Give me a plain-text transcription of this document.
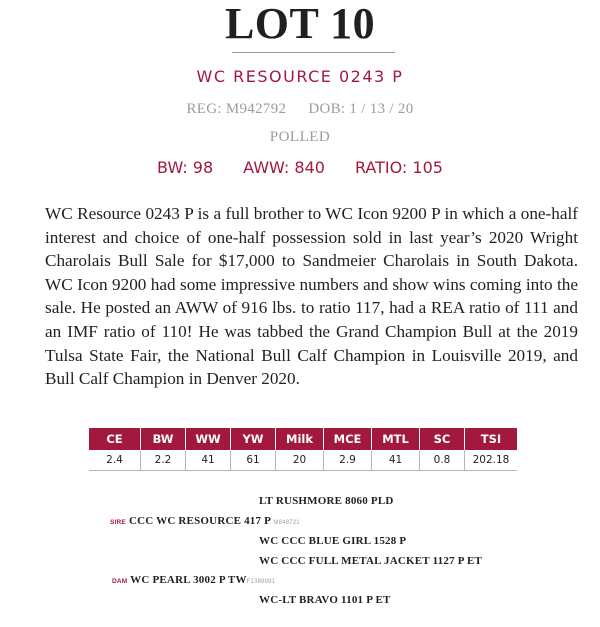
LOT 10
WC RESOURCE 0243 P
REG: M942792 DOB: 1 / 13 / 20
POLLED
BW: 98 AWW: 840 RATIO: 105
WC Resource 0243 P is a full brother to WC Icon 9200 P in which a one-half interest and choice of one-half possession sold in last year’s 2020 Wright Charolais Bull Sale for $17,000 to Sandmeier Charolais in South Dakota. WC Icon 9200 had some impressive numbers and show wins coming into the sale. He posted an AWW of 916 lbs. to ratio 117, had a REA ratio of 111 and an IMF ratio of 110! He was tabbed the Grand Champion Bull at the 2019 Tulsa State Fair, the National Bull Calf Champion in Louisville 2019, and Bull Calf Champion in Denver 2020.
CE	BW	WW	YW	Milk	MCE	MTL	SC	TSI
2.4	2.2	41	61	20	2.9	41	0.8	202.18
LT RUSHMORE 8060 PLD
SIRE CCC WC RESOURCE 417 P M848721
WC CCC BLUE GIRL 1528 P
WC CCC FULL METAL JACKET 1127 P ET
DAM WC PEARL 3002 P TWF1389981
WC-LT BRAVO 1101 P ET
